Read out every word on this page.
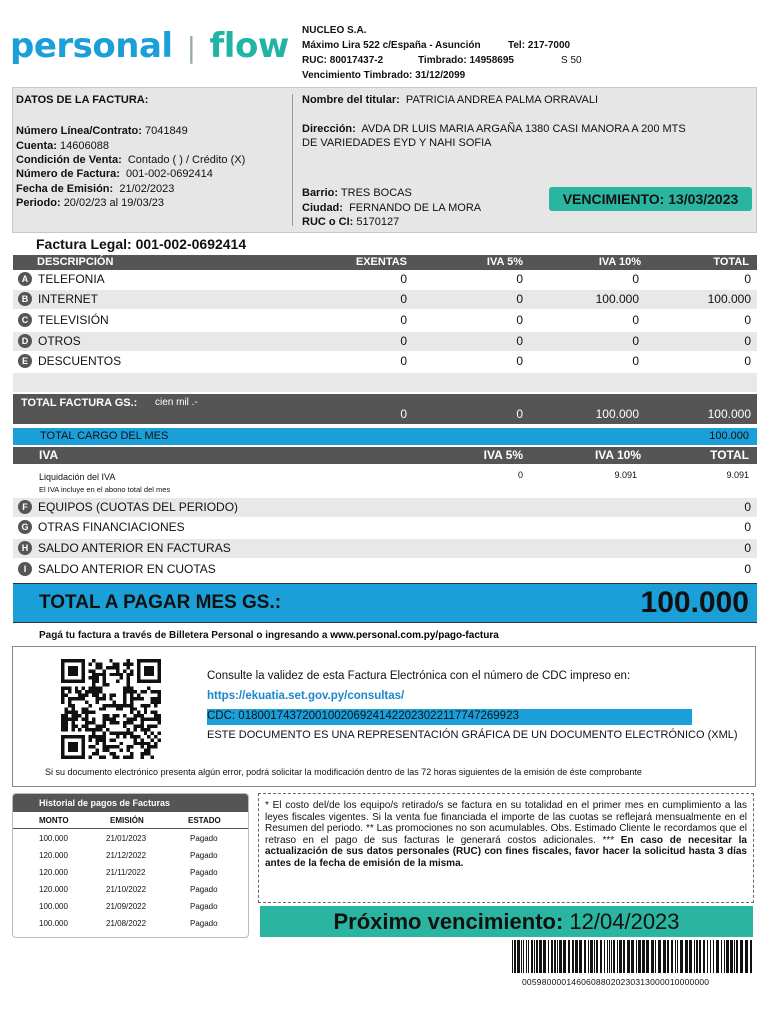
personal | flow NUCLEO S.A.
Máximo Lira 522 c/España - Asunción	Tel: 217-7000
RUC: 80017437-2	Timbrado: 14958695	S 50
Vencimiento Timbrado: 31/12/2099
DATOS DE LA FACTURA:
Número Línea/Contrato: 7041849
Cuenta: 14606088
Condición de Venta: Contado ( ) / Crédito (X)
Número de Factura: 001-002-0692414
Fecha de Emisión: 21/02/2023
Periodo: 20/02/23 al 19/03/23
Nombre del titular: PATRICIA ANDREA PALMA ORRAVALI
Dirección: AVDA DR LUIS MARIA ARGAÑA 1380 CASI MANORA A 200 MTS
DE VARIEDADES EYD Y NAHI SOFIA
Barrio: TRES BOCAS
Ciudad: FERNANDO DE LA MORA
RUC o CI: 5170127
VENCIMIENTO: 13/03/2023
Factura Legal: 001-002-0692414
DESCRIPCIÓN	EXENTAS	IVA 5%	IVA 10%	TOTAL
A TELEFONIA	0	0	0	0
B INTERNET	0	0	100.000	100.000
C TELEVISIÓN	0	0	0	0
D OTROS	0	0	0	0
E DESCUENTOS	0	0	0	0
TOTAL FACTURA GS.: cien mil .-
0	0	100.000	100.000
TOTAL CARGO DEL MES	100.000
IVA	IVA 5%	IVA 10%	TOTAL
Liquidación del IVA	0	9.091	9.091
El IVA incluye en el abono total del mes
F EQUIPOS (CUOTAS DEL PERIODO)	0
G OTRAS FINANCIACIONES	0
H SALDO ANTERIOR EN FACTURAS	0
I SALDO ANTERIOR EN CUOTAS	0
TOTAL A PAGAR MES GS.:	100.000
Pagá tu factura a través de Billetera Personal o ingresando a www.personal.com.py/pago-factura
Consulte la validez de esta Factura Electrónica con el número de CDC impreso en:
https://ekuatia.set.gov.py/consultas/
CDC: 01800174372001002069241422023022117747269923
ESTE DOCUMENTO ES UNA REPRESENTACIÓN GRÁFICA DE UN DOCUMENTO ELECTRÓNICO (XML)
Si su documento electrónico presenta algún error, podrá solicitar la modificación dentro de las 72 horas siguientes de la emisión de éste comprobante
Historial de pagos de Facturas
MONTO	EMISIÓN	ESTADO
100.000	21/01/2023	Pagado
120.000	21/12/2022	Pagado
120.000	21/11/2022	Pagado
120.000	21/10/2022	Pagado
100.000	21/09/2022	Pagado
100.000	21/08/2022	Pagado
* El costo del/de los equipo/s retirado/s se factura en su totalidad en el primer mes en cumplimiento a las leyes fiscales vigentes. Si la venta fue financiada el importe de las cuotas se reflejará mensualmente en el Resumen del periodo. ** Las promociones no son acumulables. Obs. Estimado Cliente le recordamos que el retraso en el pago de sus facturas le generará costos adicionales. *** En caso de necesitar la actualización de sus datos personales (RUC) con fines fiscales, favor hacer la solicitud hasta 3 días antes de la fecha de emisión de la misma.
Próximo vencimiento: 12/04/2023
00598000014606088020230313000010000000
